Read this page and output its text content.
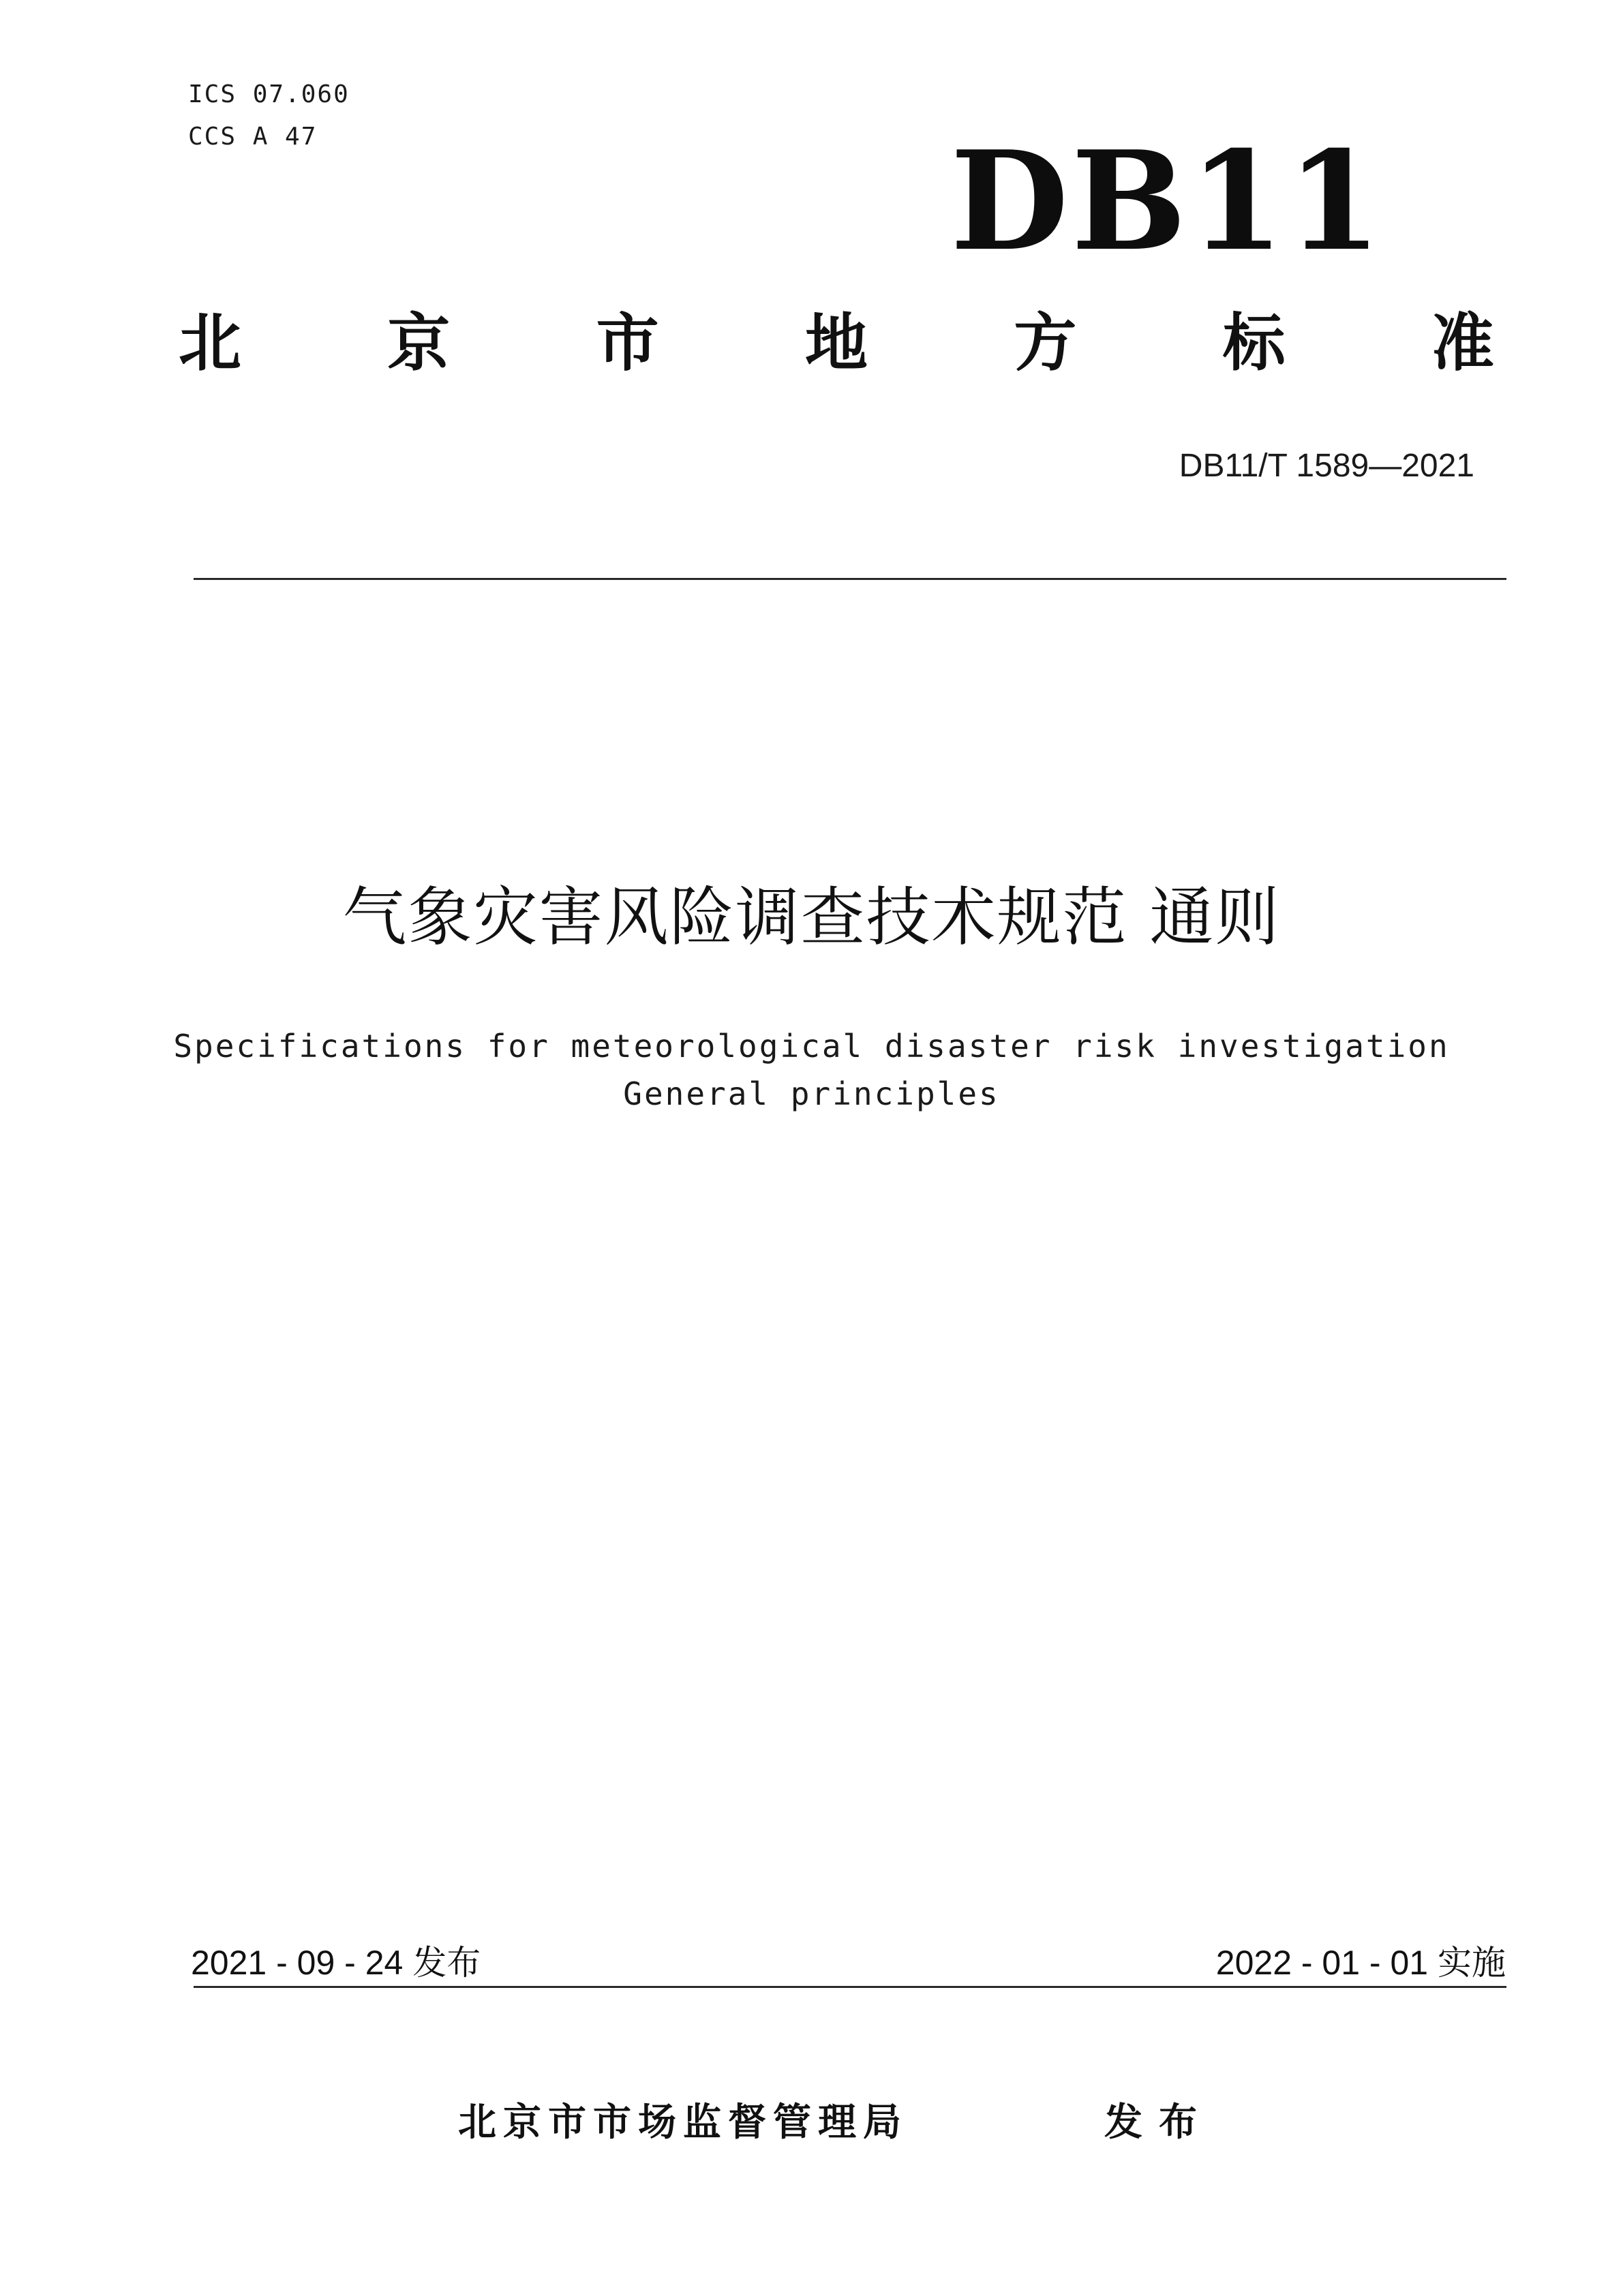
ICS 07.060
CCS A 47	DB11
北 京 市 地 方 标 准
DB11/T 1589—2021
气象灾害风险调查技术规范 通则
Specifications for meteorological disaster risk investigation
General principles
2021 - 09 - 24 发布	2022 - 01 - 01 实施
北京市市场监督管理局	发布
